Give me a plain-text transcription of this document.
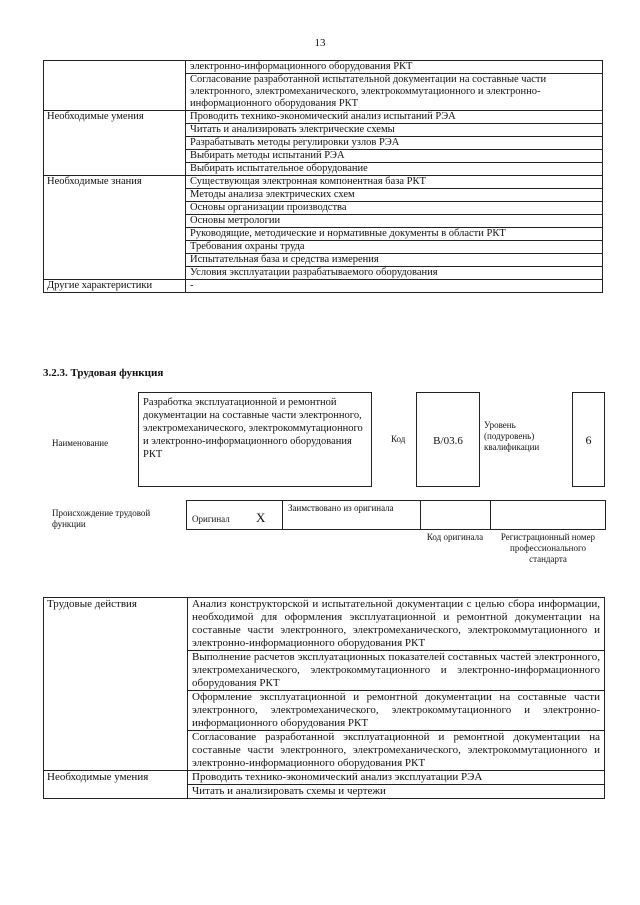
13
	электронно-информационного оборудования РКТ
	Согласование разработанной испытательной документации на составные части электронного, электромеханического, электрокоммутационного и электронно-информационного оборудования РКТ
Необходимые умения	Проводить технико-экономический анализ испытаний РЭА
	Читать и анализировать электрические схемы
	Разрабатывать методы регулировки узлов РЭА
	Выбирать методы испытаний РЭА
	Выбирать испытательное оборудование
Необходимые знания	Существующая электронная компонентная база РКТ
	Методы анализа электрических схем
	Основы организации производства
	Основы метрологии
	Руководящие, методические и нормативные документы в области РКТ
	Требования охраны труда
	Испытательная база и средства измерения
	Условия эксплуатации разрабатываемого оборудования
Другие характеристики	-
3.2.3. Трудовая функция
Наименование
Разработка эксплуатационной и ремонтной документации на составные части электронного, электромеханического, электрокоммутационного и электронно-информационного оборудования РКТ
Код	B/03.6
Уровень (подуровень) квалификации	6
Происхождение трудовой функции	Оригинал X
Заимствовано из оригинала
Код оригинала	Регистрационный номер профессионального стандарта
Трудовые действия	Анализ конструкторской и испытательной документации с целью сбора информации, необходимой для оформления эксплуатационной и ремонтной документации на составные части электронного, электромеханического, электрокоммутационного и электронно-информационного оборудования РКТ
	Выполнение расчетов эксплуатационных показателей составных частей электронного, электромеханического, электрокоммутационного и электронно-информационного оборудования РКТ
	Оформление эксплуатационной и ремонтной документации на составные части электронного, электромеханического, электрокоммутационного и электронно-информационного оборудования РКТ
	Согласование разработанной эксплуатационной и ремонтной документации на составные части электронного, электромеханического, электрокоммутационного и электронно-информационного оборудования РКТ
Необходимые умения	Проводить технико-экономический анализ эксплуатации РЭА
	Читать и анализировать схемы и чертежи
